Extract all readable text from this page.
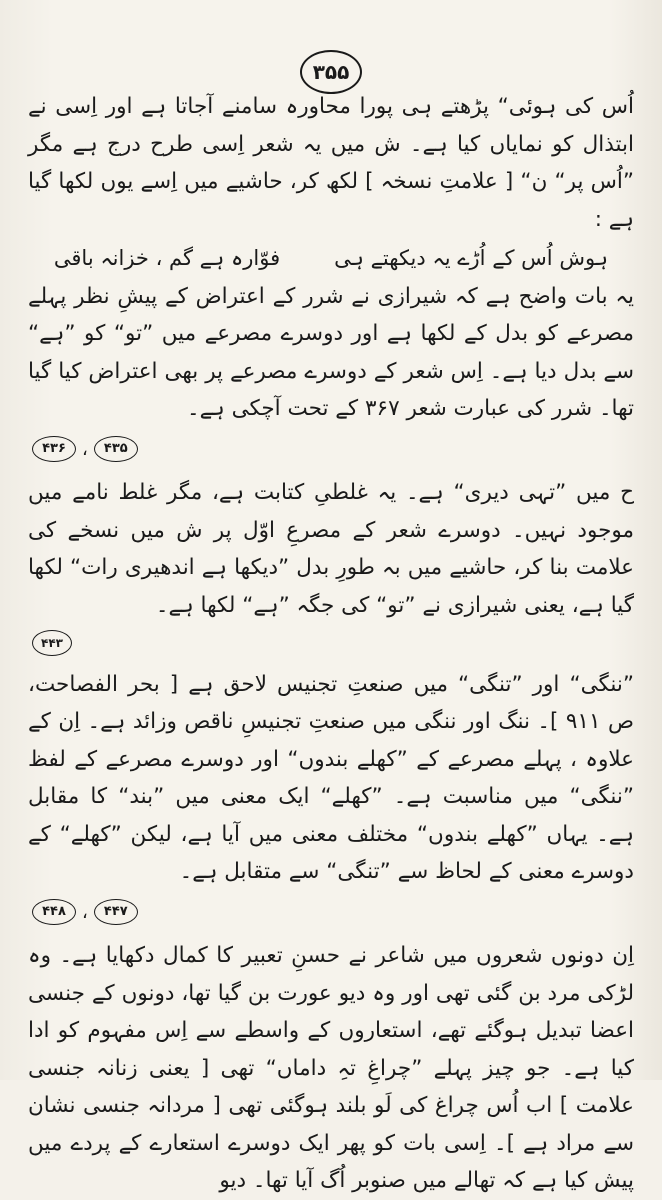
۳۵۵

اُس کی ہوئی“ پڑھتے ہی پورا محاورہ سامنے آجاتا ہے اور اِسی نے ابتذال کو نمایاں کیا ہے۔ ش میں یہ شعر اِسی طرح درج ہے مگر ”اُس پر“ ن“ [ علامتِ نسخہ ] لکھ کر، حاشیے میں اِسے یوں لکھا گیا ہے :

ہوش اُس کے اُڑے یہ دیکھتے ہی
فوّارہ ہے گم ، خزانہ باقی

یہ بات واضح ہے کہ شیرازی نے شرر کے اعتراض کے پیشِ نظر پہلے مصرعے کو بدل کے لکھا ہے اور دوسرے مصرعے میں ”تو“ کو ”ہے“ سے بدل دیا ہے۔ اِس شعر کے دوسرے مصرعے پر بھی اعتراض کیا گیا تھا۔ شرر کی عبارت شعر ۳۶۷ کے تحت آچکی ہے۔

۴۳۶ ، ۴۳۵

ح میں ”تہی دیری“ ہے۔ یہ غلطیِ کتابت ہے، مگر غلط نامے میں موجود نہیں۔ دوسرے شعر کے مصرعِ اوّل پر ش میں نسخے کی علامت بنا کر، حاشیے میں بہ طورِ بدل ”دیکھا ہے اندھیری رات“ لکھا گیا ہے، یعنی شیرازی نے ”تو“ کی جگہ ”ہے“ لکھا ہے۔

۴۴۳

”ننگی“ اور ”تنگی“ میں صنعتِ تجنیس لاحق ہے [ بحر الفصاحت، ص ۹۱۱ ]۔ ننگ اور ننگی میں صنعتِ تجنیسِ ناقص وزائد ہے۔ اِن کے علاوہ ، پہلے مصرعے کے ”کھلے بندوں“ اور دوسرے مصرعے کے لفظ ”ننگی“ میں مناسبت ہے۔ ”کھلے“ ایک معنی میں ”بند“ کا مقابل ہے۔ یہاں ”کھلے بندوں“ مختلف معنی میں آیا ہے، لیکن ”کھلے“ کے دوسرے معنی کے لحاظ سے ”تنگی“ سے متقابل ہے۔

۴۴۸ ، ۴۴۷

اِن دونوں شعروں میں شاعر نے حسنِ تعبیر کا کمال دکھایا ہے۔ وہ لڑکی مرد بن گئی تھی اور وہ دیو عورت بن گیا تھا، دونوں کے جنسی اعضا تبدیل ہوگئے تھے، استعاروں کے واسطے سے اِس مفہوم کو ادا کیا ہے۔ جو چیز پہلے ”چراغِ تہِ داماں“ تھی [ یعنی زنانہ جنسی علامت ] اب اُس چراغ کی لَو بلند ہوگئی تھی [ مردانہ جنسی نشان سے مراد ہے ]۔ اِسی بات کو پھر ایک دوسرے استعارے کے پردے میں پیش کیا ہے کہ تھالے میں صنوبر اُگ آیا تھا۔ دیو
